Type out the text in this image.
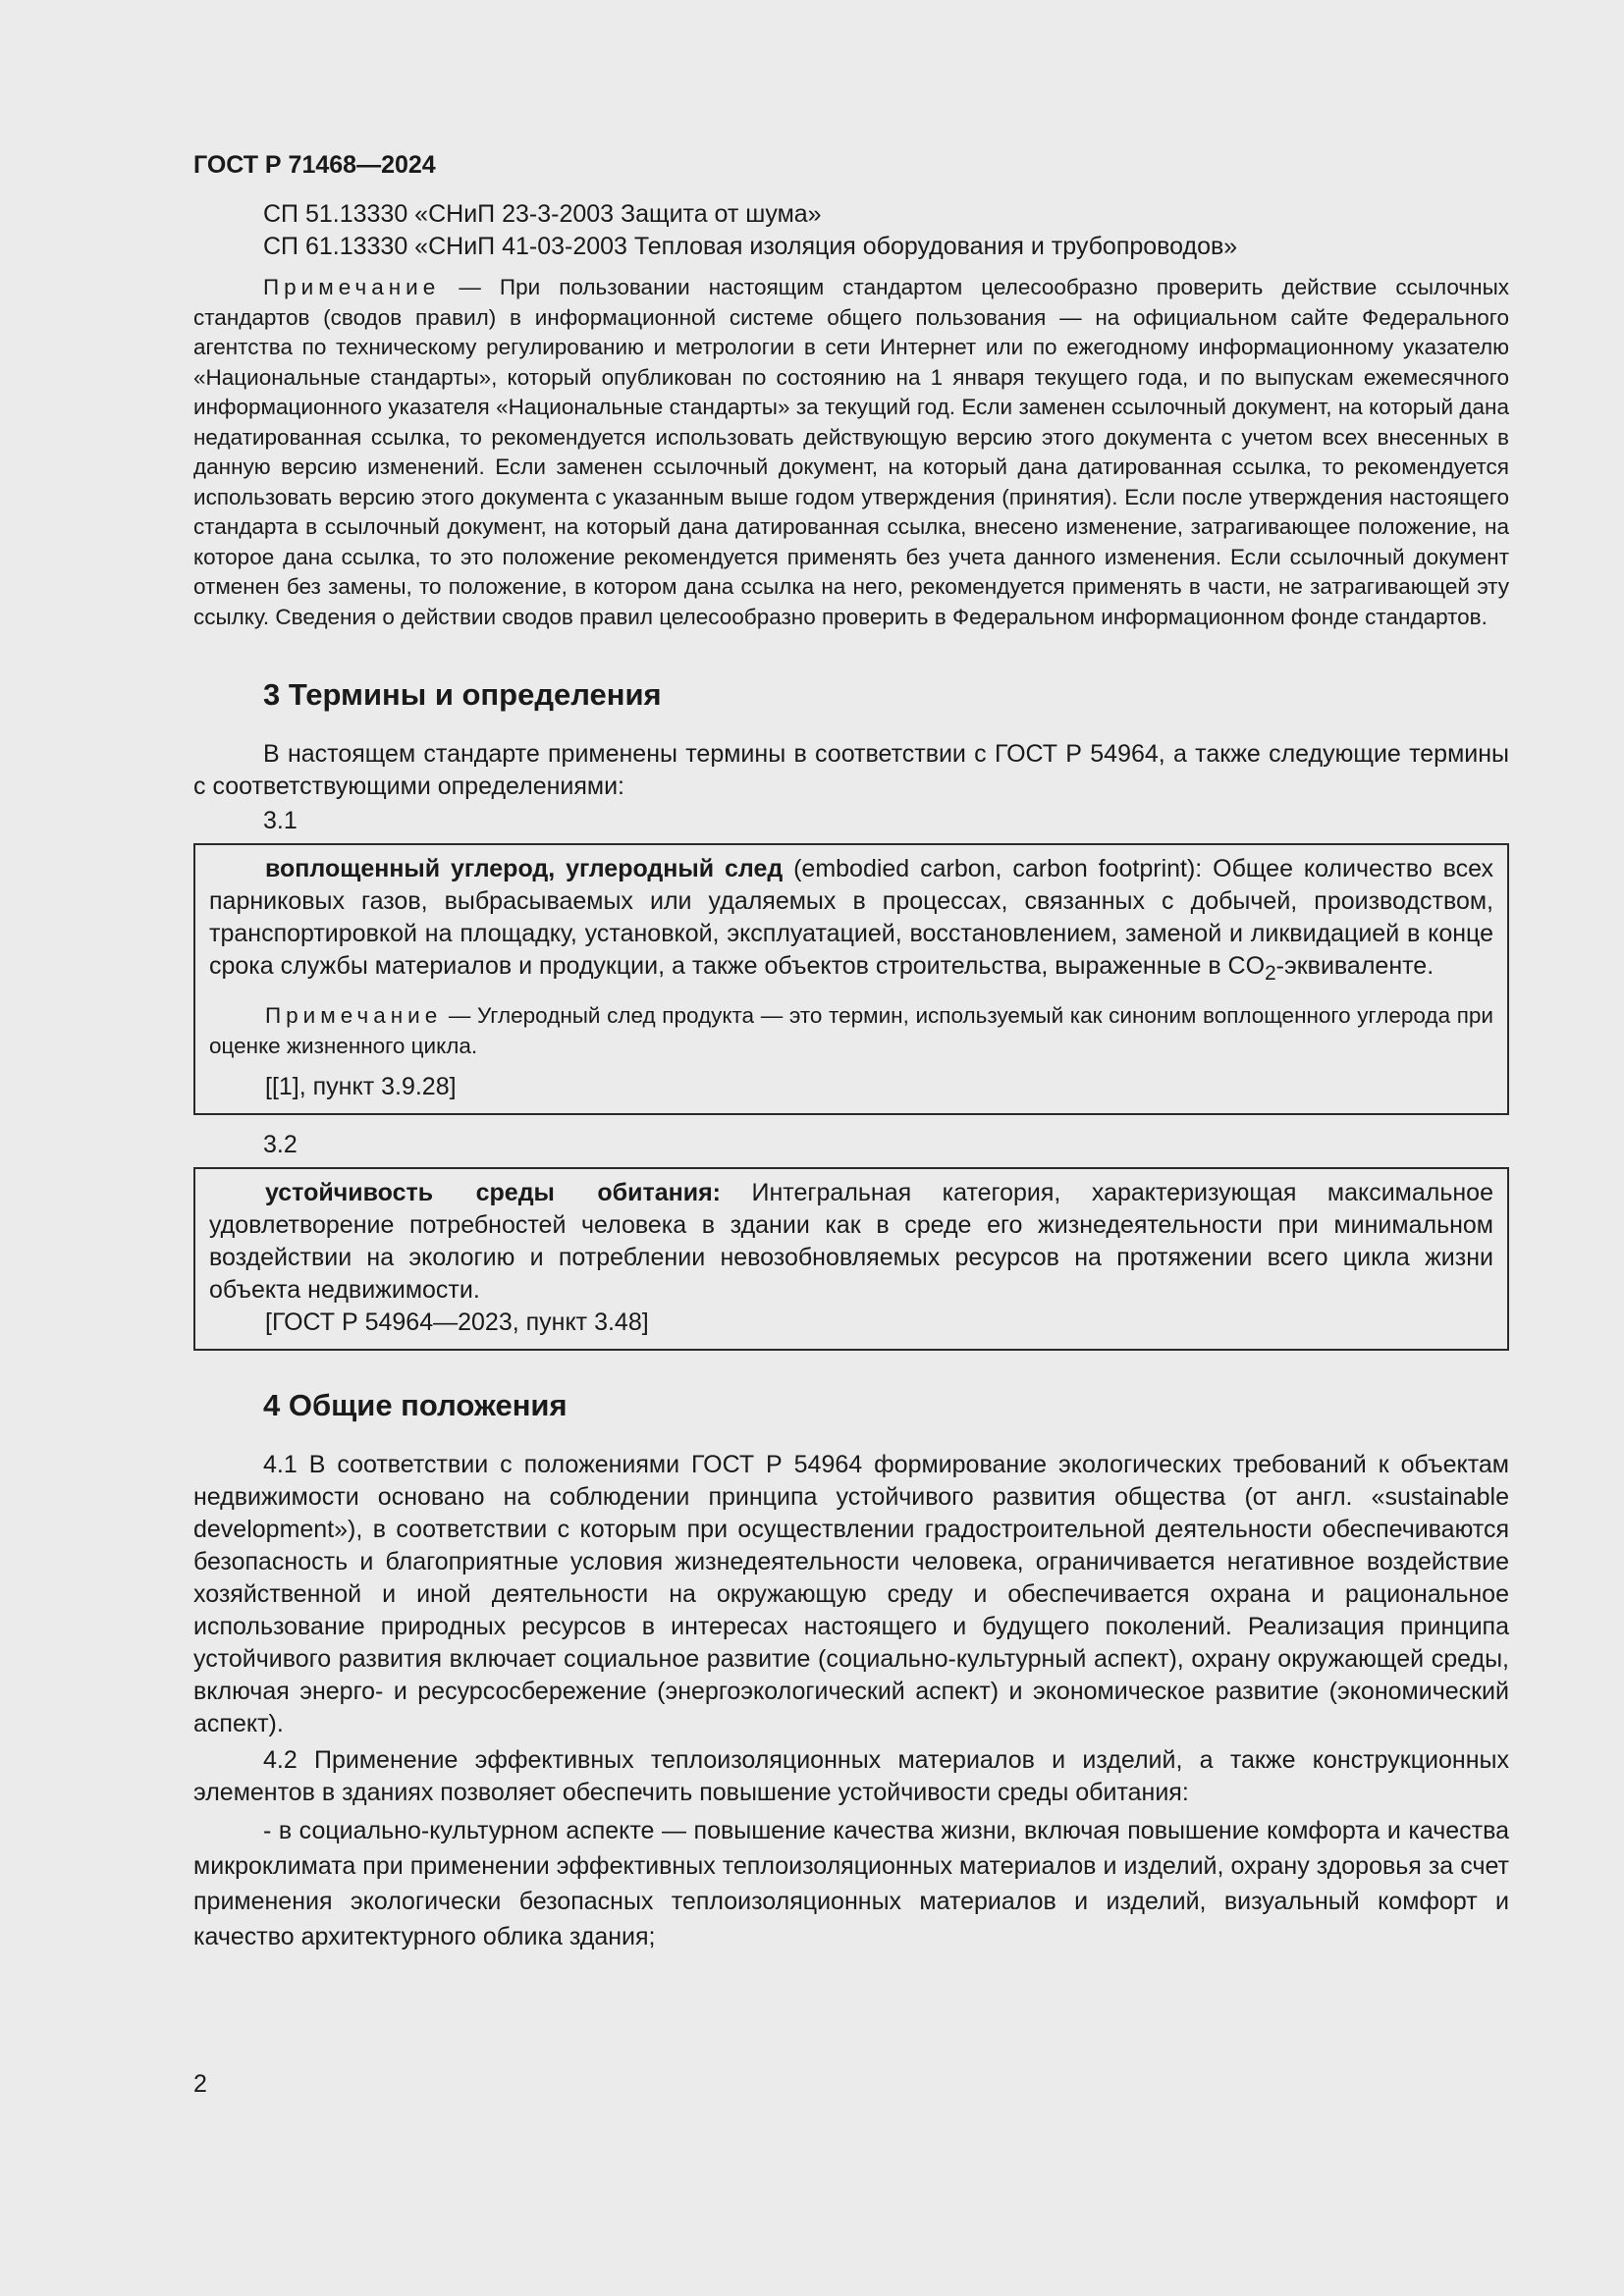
ГОСТ Р 71468—2024
СП 51.13330 «СНиП 23-3-2003 Защита от шума»
СП 61.13330 «СНиП 41-03-2003 Тепловая изоляция оборудования и трубопроводов»

Примечание — При пользовании настоящим стандартом целесообразно проверить действие ссылочных стандартов (сводов правил) в информационной системе общего пользования — на официальном сайте Федерального агентства по техническому регулированию и метрологии в сети Интернет или по ежегодному информационному указателю «Национальные стандарты», который опубликован по состоянию на 1 января текущего года, и по выпускам ежемесячного информационного указателя «Национальные стандарты» за текущий год. Если заменен ссылочный документ, на который дана недатированная ссылка, то рекомендуется использовать действующую версию этого документа с учетом всех внесенных в данную версию изменений. Если заменен ссылочный документ, на который дана датированная ссылка, то рекомендуется использовать версию этого документа с указанным выше годом утверждения (принятия). Если после утверждения настоящего стандарта в ссылочный документ, на который дана датированная ссылка, внесено изменение, затрагивающее положение, на которое дана ссылка, то это положение рекомендуется применять без учета данного изменения. Если ссылочный документ отменен без замены, то положение, в котором дана ссылка на него, рекомендуется применять в части, не затрагивающей эту ссылку. Сведения о действии сводов правил целесообразно проверить в Федеральном информационном фонде стандартов.

3 Термины и определения

В настоящем стандарте применены термины в соответствии с ГОСТ Р 54964, а также следующие термины с соответствующими определениями:

3.1

воплощенный углерод, углеродный след (embodied carbon, carbon footprint): Общее количество всех парниковых газов, выбрасываемых или удаляемых в процессах, связанных с добычей, производством, транспортировкой на площадку, установкой, эксплуатацией, восстановлением, заменой и ликвидацией в конце срока службы материалов и продукции, а также объектов строительства, выраженные в $CO_2$-эквиваленте.

Примечание — Углеродный след продукта — это термин, используемый как синоним воплощенного углерода при оценке жизненного цикла.

[[1], пункт 3.9.28]
3.2

устойчивость среды обитания: Интегральная категория, характеризующая максимальное удовлетворение потребностей человека в здании как в среде его жизнедеятельности при минимальном воздействии на экологию и потреблении невозобновляемых ресурсов на протяжении всего цикла жизни объекта недвижимости.

[ГОСТ Р 54964—2023, пункт 3.48]
4 Общие положения

4.1 В соответствии с положениями ГОСТ Р 54964 формирование экологических требований к объектам недвижимости основано на соблюдении принципа устойчивого развития общества (от англ. «sustainable development»), в соответствии с которым при осуществлении градостроительной деятельности обеспечиваются безопасность и благоприятные условия жизнедеятельности человека, ограничивается негативное воздействие хозяйственной и иной деятельности на окружающую среду и обеспечивается охрана и рациональное использование природных ресурсов в интересах настоящего и будущего поколений. Реализация принципа устойчивого развития включает социальное развитие (социально-культурный аспект), охрану окружающей среды, включая энерго- и ресурсосбережение (энергоэкологический аспект) и экономическое развитие (экономический аспект).

4.2 Применение эффективных теплоизоляционных материалов и изделий, а также конструкционных элементов в зданиях позволяет обеспечить повышение устойчивости среды обитания:

- в социально-культурном аспекте — повышение качества жизни, включая повышение комфорта и качества микроклимата при применении эффективных теплоизоляционных материалов и изделий, охрану здоровья за счет применения экологически безопасных теплоизоляционных материалов и изделий, визуальный комфорт и качество архитектурного облика здания;

2
